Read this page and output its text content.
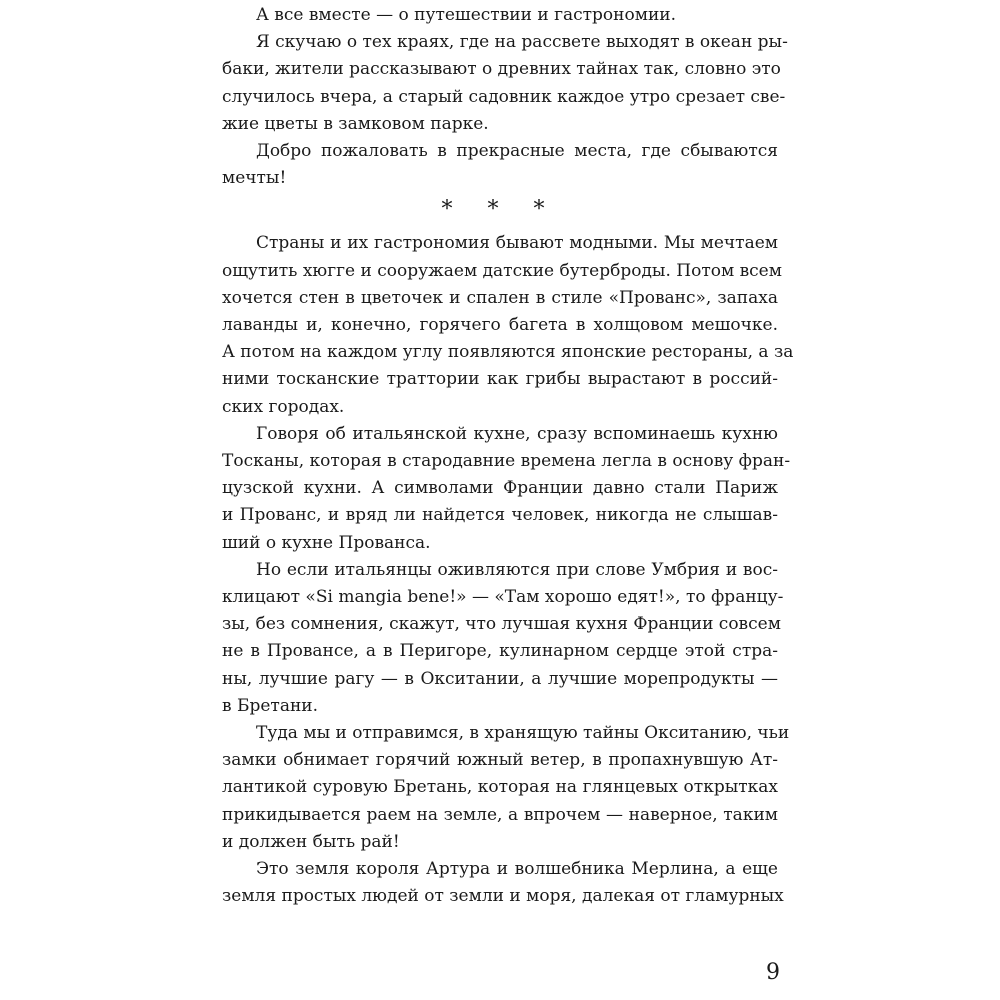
А все вместе — о путешествии и гастрономии.
Я скучаю о тех краях, где на рассвете выходят в океан ры-
баки, жители рассказывают о древних тайнах так, словно это
случилось вчера, а старый садовник каждое утро срезает све-
жие цветы в замковом парке.
Добро пожаловать в прекрасные места, где сбываются
мечты!
* * *
Страны и их гастрономия бывают модными. Мы мечтаем
ощутить хюгге и сооружаем датские бутерброды. Потом всем
хочется стен в цветочек и спален в стиле «Прованс», запаха
лаванды и, конечно, горячего багета в холщовом мешочке.
А потом на каждом углу появляются японские рестораны, а за
ними тосканские траттории как грибы вырастают в россий-
ских городах.
Говоря об итальянской кухне, сразу вспоминаешь кухню
Тосканы, которая в стародавние времена легла в основу фран-
цузской кухни. А символами Франции давно стали Париж
и Прованс, и вряд ли найдется человек, никогда не слышав-
ший о кухне Прованса.
Но если итальянцы оживляются при слове Умбрия и вос-
клицают «Si mangia bene!» — «Там хорошо едят!», то францу-
зы, без сомнения, скажут, что лучшая кухня Франции совсем
не в Провансе, а в Перигоре, кулинарном сердце этой стра-
ны, лучшие рагу — в Окситании, а лучшие морепродукты —
в Бретани.
Туда мы и отправимся, в хранящую тайны Окситанию, чьи
замки обнимает горячий южный ветер, в пропахнувшую Ат-
лантикой суровую Бретань, которая на глянцевых открытках
прикидывается раем на земле, а впрочем — наверное, таким
и должен быть рай!
Это земля короля Артура и волшебника Мерлина, а еще
земля простых людей от земли и моря, далекая от гламурных
9
